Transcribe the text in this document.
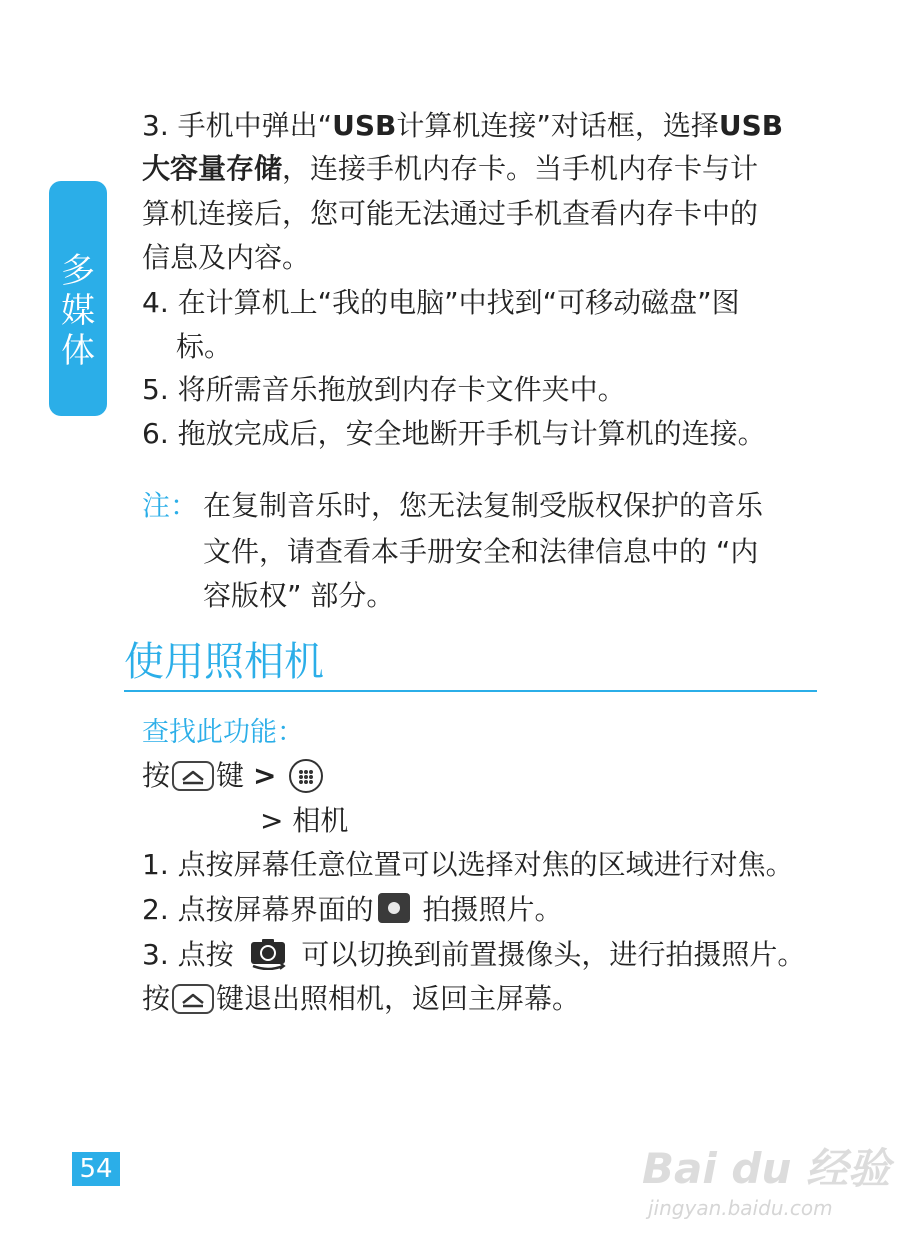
多
媒
体
3. 手机中弹出“USB计算机连接”对话框，选择USB
大容量存储，连接手机内存卡。当手机内存卡与计
算机连接后，您可能无法通过手机查看内存卡中的
信息及内容。
4. 在计算机上“我的电脑”中找到“可移动磁盘”图
标。
5. 将所需音乐拖放到内存卡文件夹中。
6. 拖放完成后，安全地断开手机与计算机的连接。
注： 在复制音乐时，您无法复制受版权保护的音乐
文件，请查看本手册安全和法律信息中的 “内
容版权” 部分。
使用照相机
查找此功能：
按 键 >
> 相机
1. 点按屏幕任意位置可以选择对焦的区域进行对焦。
2. 点按屏幕界面的 拍摄照片。
3. 点按  可以切换到前置摄像头，进行拍摄照片。
按 键退出照相机，返回主屏幕。
54	Bai du 经验
jingyan.baidu.com
